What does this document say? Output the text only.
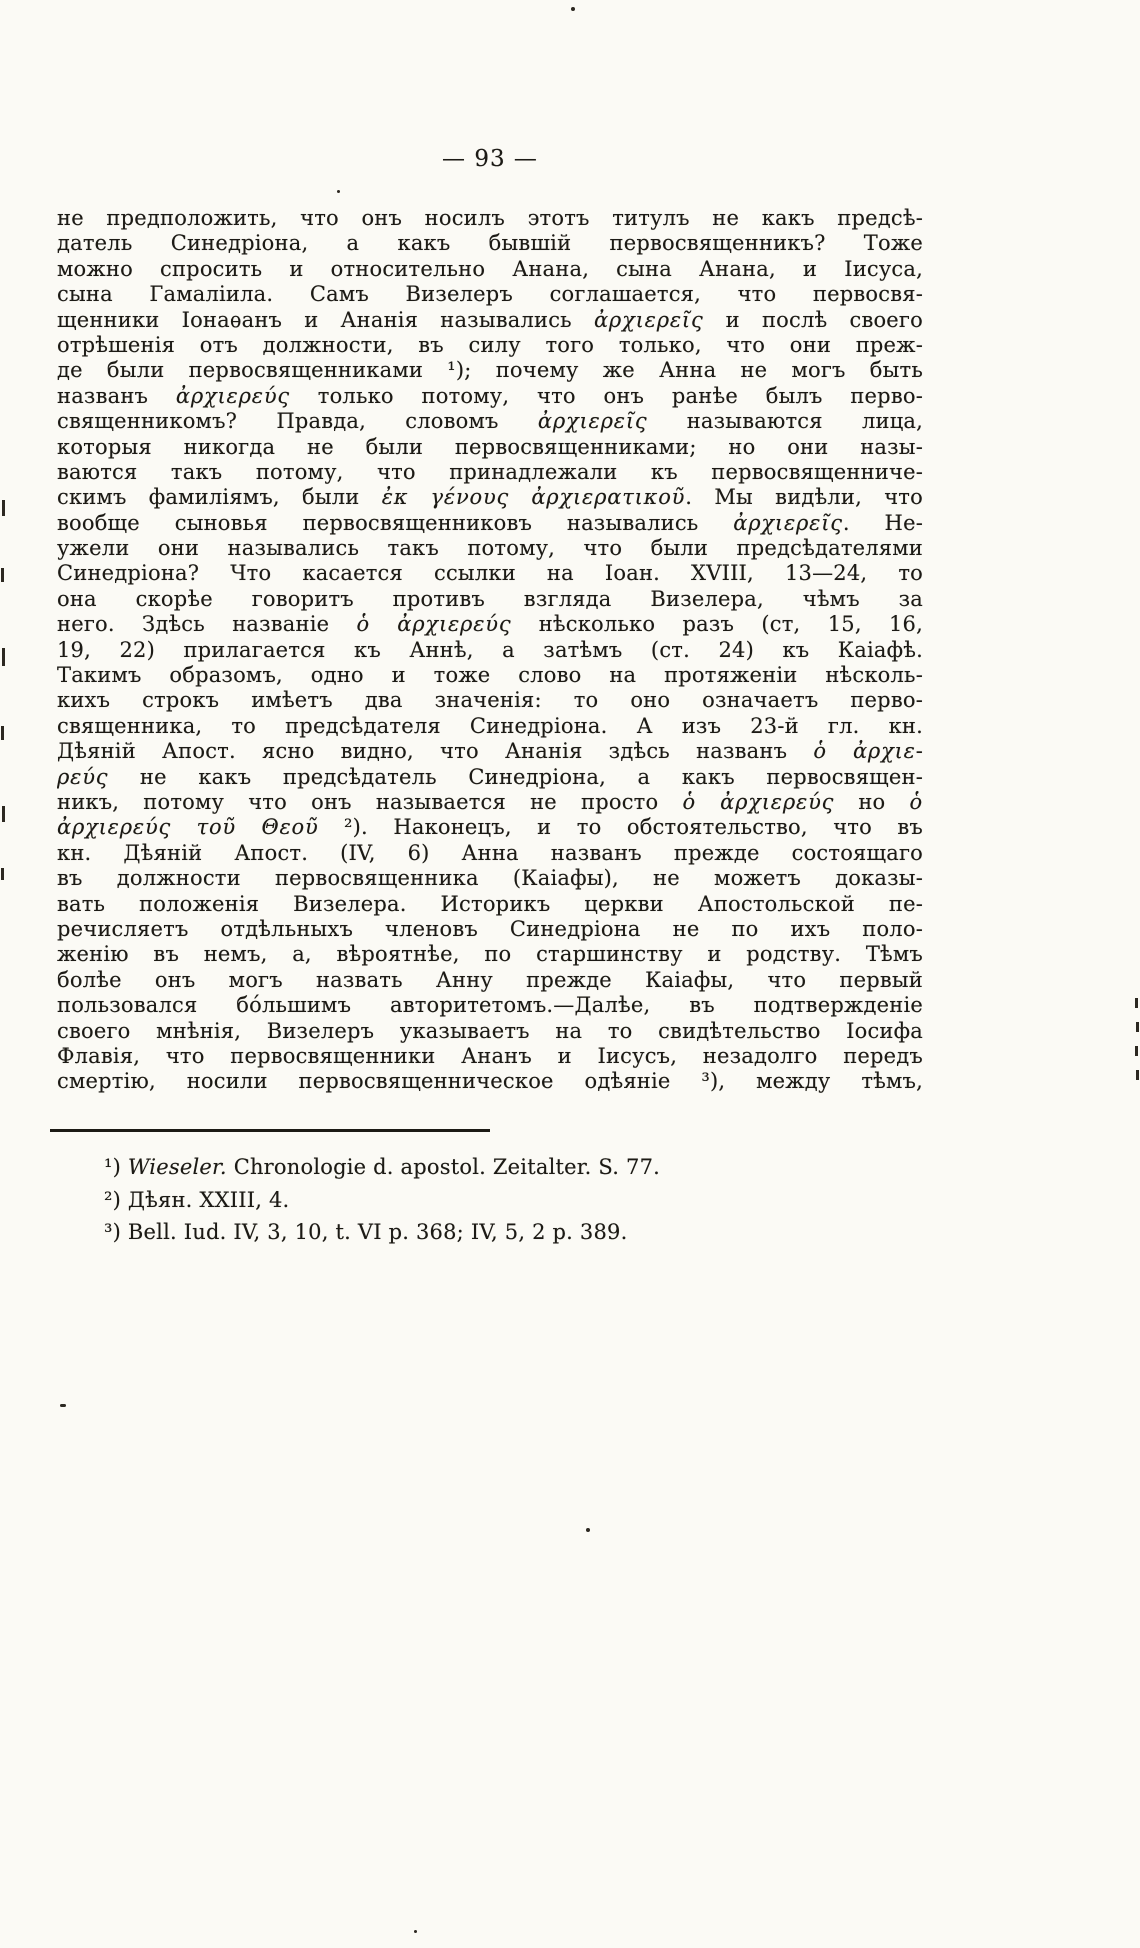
— 93 —
не предположить, что онъ носилъ этотъ титулъ не какъ предсѣ-
датель Синедріона, а какъ бывшій первосвященникъ? Тоже
можно спросить и относительно Анана, сына Анана, и Іисуса,
сына Гамаліила. Самъ Визелеръ соглашается, что первосвя-
щенники Іонаѳанъ и Ананія назывались ἀρχιερεῖς и послѣ своего
отрѣшенія отъ должности, въ силу того только, что они преж-
де были первосвященниками ¹); почему же Анна не могъ быть
названъ ἀρχιερεύς только потому, что онъ ранѣе былъ перво-
священникомъ? Правда, словомъ ἀρχιερεῖς называются лица,
которыя никогда не были первосвященниками; но они назы-
ваются такъ потому, что принадлежали къ первосвященниче-
скимъ фамиліямъ, были ἐκ γένους ἀρχιερατικοῦ. Мы видѣли, что
вообще сыновья первосвященниковъ назывались ἀρχιερεῖς. Не-
ужели они назывались такъ потому, что были предсѣдателями
Синедріона? Что касается ссылки на Іоан. XVIII, 13—24, то
она скорѣе говоритъ противъ взгляда Визелера, чѣмъ за
него. Здѣсь названіе ὁ ἀρχιερεύς нѣсколько разъ (ст, 15, 16,
19, 22) прилагается къ Аннѣ, а затѣмъ (ст. 24) къ Каіафѣ.
Такимъ образомъ, одно и тоже слово на протяженіи нѣсколь-
кихъ строкъ имѣетъ два значенія: то оно означаетъ перво-
священника, то предсѣдателя Синедріона. А изъ 23-й гл. кн.
Дѣяній Апост. ясно видно, что Ананія здѣсь названъ ὁ ἀρχιε-
ρεύς не какъ предсѣдатель Синедріона, а какъ первосвящен-
никъ, потому что онъ называется не просто ὁ ἀρχιερεύς но ὁ
ἀρχιερεύς τοῦ Θεοῦ ²). Наконецъ, и то обстоятельство, что въ
кн. Дѣяній Апост. (IV, 6) Анна названъ прежде состоящаго
въ должности первосвященника (Каіафы), не можетъ доказы-
вать положенія Визелера. Историкъ церкви Апостольской пе-
речисляетъ отдѣльныхъ членовъ Синедріона не по ихъ поло-
женію въ немъ, а, вѣроятнѣе, по старшинству и родству. Тѣмъ
болѣе онъ могъ назвать Анну прежде Каіафы, что первый
пользовался бо́льшимъ авторитетомъ.—Далѣе, въ подтвержденіе
своего мнѣнія, Визелеръ указываетъ на то свидѣтельство Іосифа
Флавія, что первосвященники Ананъ и Іисусъ, незадолго передъ
смертію, носили первосвященническое одѣяніе ³), между тѣмъ,
¹) Wieseler. Chronologie d. apostol. Zeitalter. S. 77.
²) Дѣян. XXIII, 4.
³) Bell. Iud. IV, 3, 10, t. VI p. 368; IV, 5, 2 p. 389.
